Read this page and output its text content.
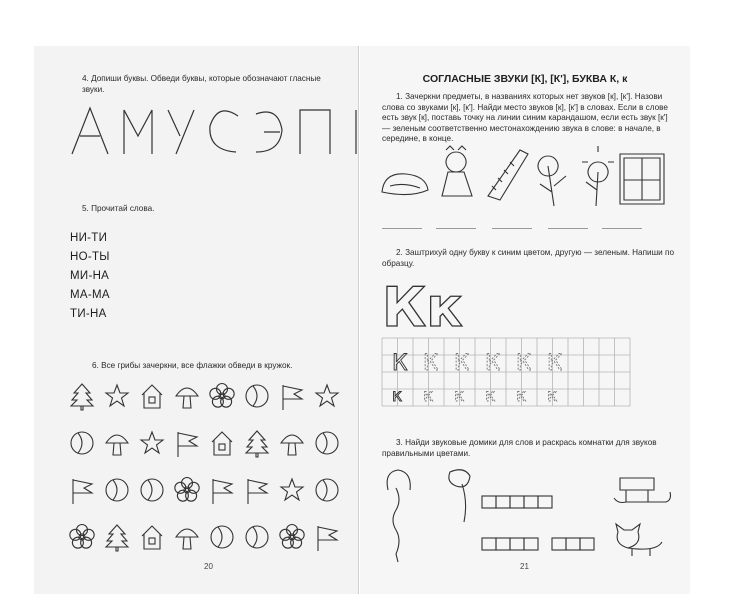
4. Допиши буквы. Обведи буквы, которые обозначают гласные звуки.
5. Прочитай слова.
НИ-ТИ
НО-ТЫ
МИ-НА
МА-МА
ТИ-НА
6. Все грибы зачеркни, все флажки обведи в кружок.
20
СОГЛАСНЫЕ ЗВУКИ [К], [К'], БУКВА К, к
1. Зачеркни предметы, в названиях которых нет звуков [к], [к']. Назови слова со звуками [к], [к']. Найди место звуков [к], [к'] в словах. Если в слове есть звук [к], поставь точку на линии синим карандашом, если есть звук [к'] — зеленым соответственно местонахождению звука в слове: в начале, в середине, в конце.
2. Заштрихуй одну букву к синим цветом, другую — зеленым. Напиши по образцу.
Кк
К
к
К
к
К
к
К
к
К
к
К
к
3. Найди звуковые домики для слов и раскрась комнатки для звуков правильными цветами.
21
